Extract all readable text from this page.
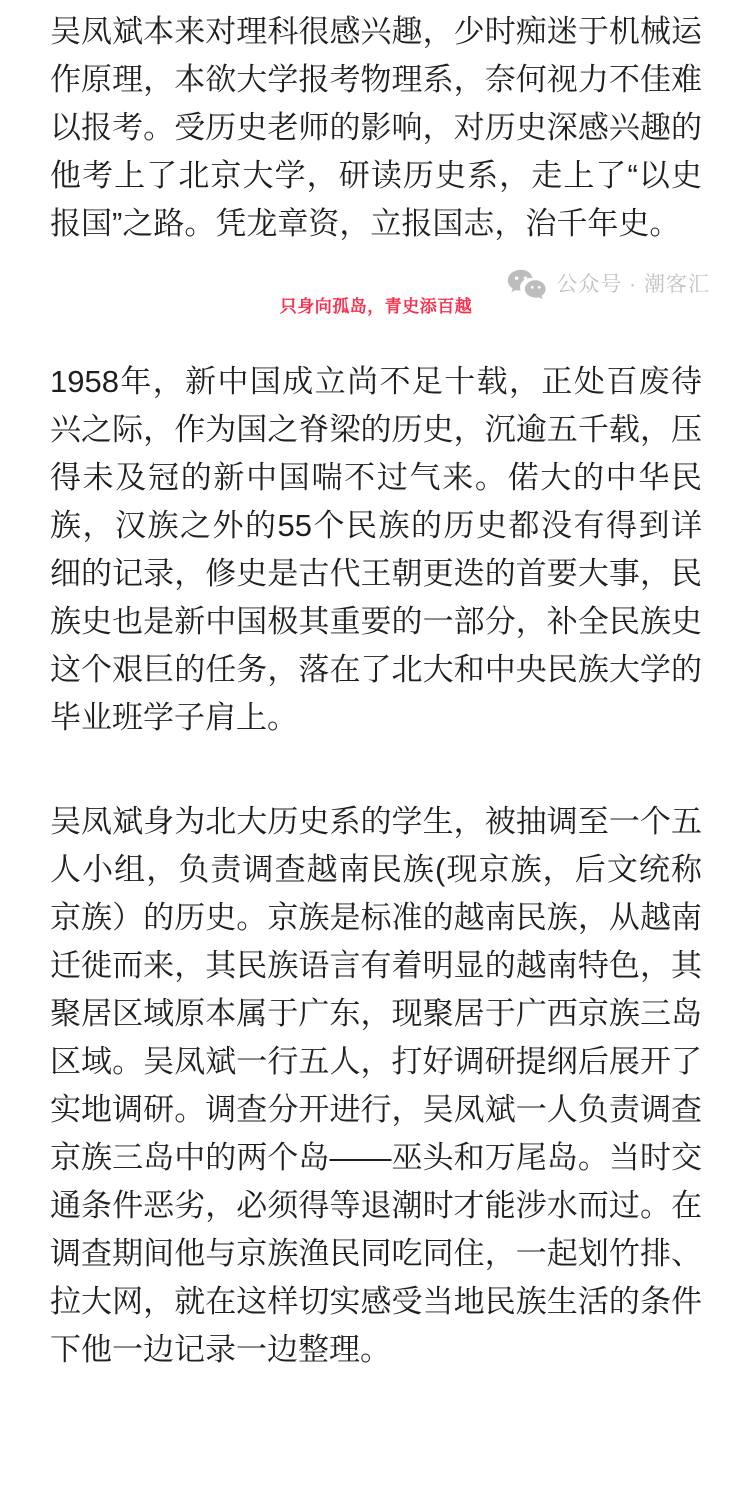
吴凤斌本来对理科很感兴趣，少时痴迷于机械运作原理，本欲大学报考物理系，奈何视力不佳难以报考。受历史老师的影响，对历史深感兴趣的他考上了北京大学，研读历史系，走上了“以史报国”之路。凭龙章资，立报国志，治千年史。

只身向孤岛，青史添百越

1958年，新中国成立尚不足十载，正处百废待兴之际，作为国之脊梁的历史，沉逾五千载，压得未及冠的新中国喘不过气来。偌大的中华民族，汉族之外的55个民族的历史都没有得到详细的记录，修史是古代王朝更迭的首要大事，民族史也是新中国极其重要的一部分，补全民族史这个艰巨的任务，落在了北大和中央民族大学的毕业班学子肩上。

吴凤斌身为北大历史系的学生，被抽调至一个五人小组，负责调查越南民族(现京族，后文统称京族）的历史。京族是标准的越南民族，从越南迁徙而来，其民族语言有着明显的越南特色，其聚居区域原本属于广东，现聚居于广西京族三岛区域。吴凤斌一行五人，打好调研提纲后展开了实地调研。调查分开进行，吴凤斌一人负责调查京族三岛中的两个岛——巫头和万尾岛。当时交通条件恶劣，必须得等退潮时才能涉水而过。在调查期间他与京族渔民同吃同住，一起划竹排、拉大网，就在这样切实感受当地民族生活的条件下他一边记录一边整理。

公众号 · 潮客汇
